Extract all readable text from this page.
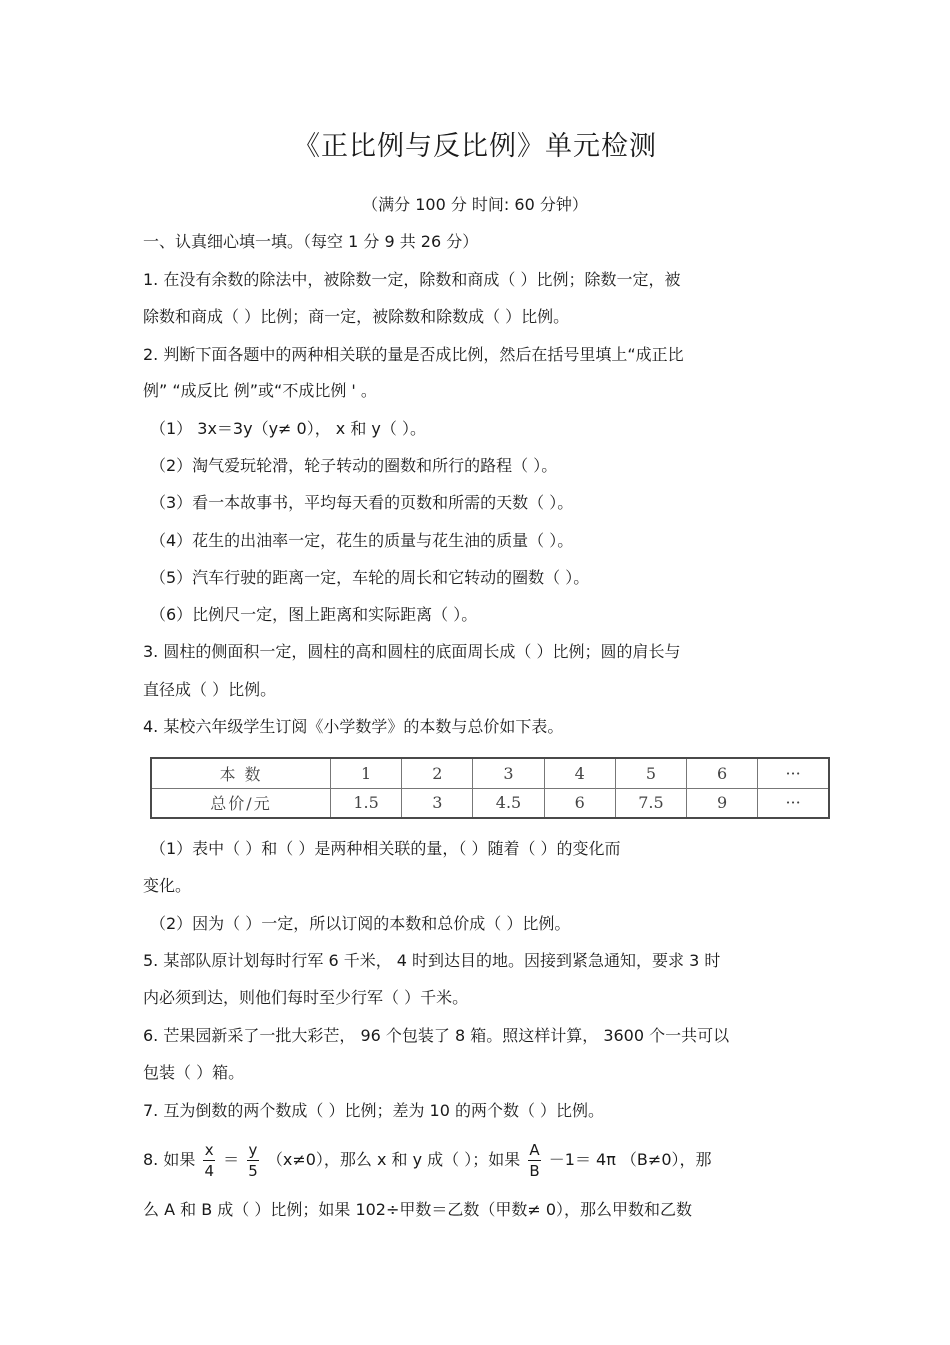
《正比例与反比例》单元检测
（满分 100 分 时间: 60 分钟）
一、认真细心填一填。（每空 1 分 9 共 26 分）
1. 在没有余数的除法中，被除数一定，除数和商成（ ）比例；除数一定，被
除数和商成（ ）比例；商一定，被除数和除数成（ ）比例。
2. 判断下面各题中的两种相关联的量是否成比例，然后在括号里填上“成正比
例” “成反比 例”或“不成比例 ' 。
（1） 3x＝3y（y≠ 0）， x 和 y（ ）。
（2）淘气爱玩轮滑，轮子转动的圈数和所行的路程（ ）。
（3）看一本故事书，平均每天看的页数和所需的天数（ ）。
（4）花生的出油率一定，花生的质量与花生油的质量（ ）。
（5）汽车行驶的距离一定，车轮的周长和它转动的圈数（ ）。
（6）比例尺一定，图上距离和实际距离（ ）。
3. 圆柱的侧面积一定，圆柱的高和圆柱的底面周长成（ ）比例；圆的肩长与
直径成（ ）比例。
4. 某校六年级学生订阅《小学数学》的本数与总价如下表。
本 数	1	2	3	4	5	6	···
总价/元	1.5	3	4.5	6	7.5	9	···
（1）表中（ ）和（ ）是两种相关联的量，（ ）随着（ ）的变化而
变化。
（2）因为（ ）一定，所以订阅的本数和总价成（ ）比例。
5. 某部队原计划每时行军 6 千米， 4 时到达目的地。因接到紧急通知，要求 3 时
内必须到达，则他们每时至少行军（ ）千米。
6. 芒果园新采了一批大彩芒， 96 个包装了 8 箱。照这样计算， 3600 个一共可以
包装（ ）箱。
7. 互为倒数的两个数成（ ）比例；差为 10 的两个数（ ）比例。
8. 如果 $\frac{x}{4} = \frac{y}{5} (x\ne 0)$，那么 x 和 y 成（ ）；如果 $\frac{A}{B} -1= 4\pi$ （B≠0），那
么 A 和 B 成（ ）比例；如果 102÷甲数＝乙数（甲数≠ 0），那么甲数和乙数
